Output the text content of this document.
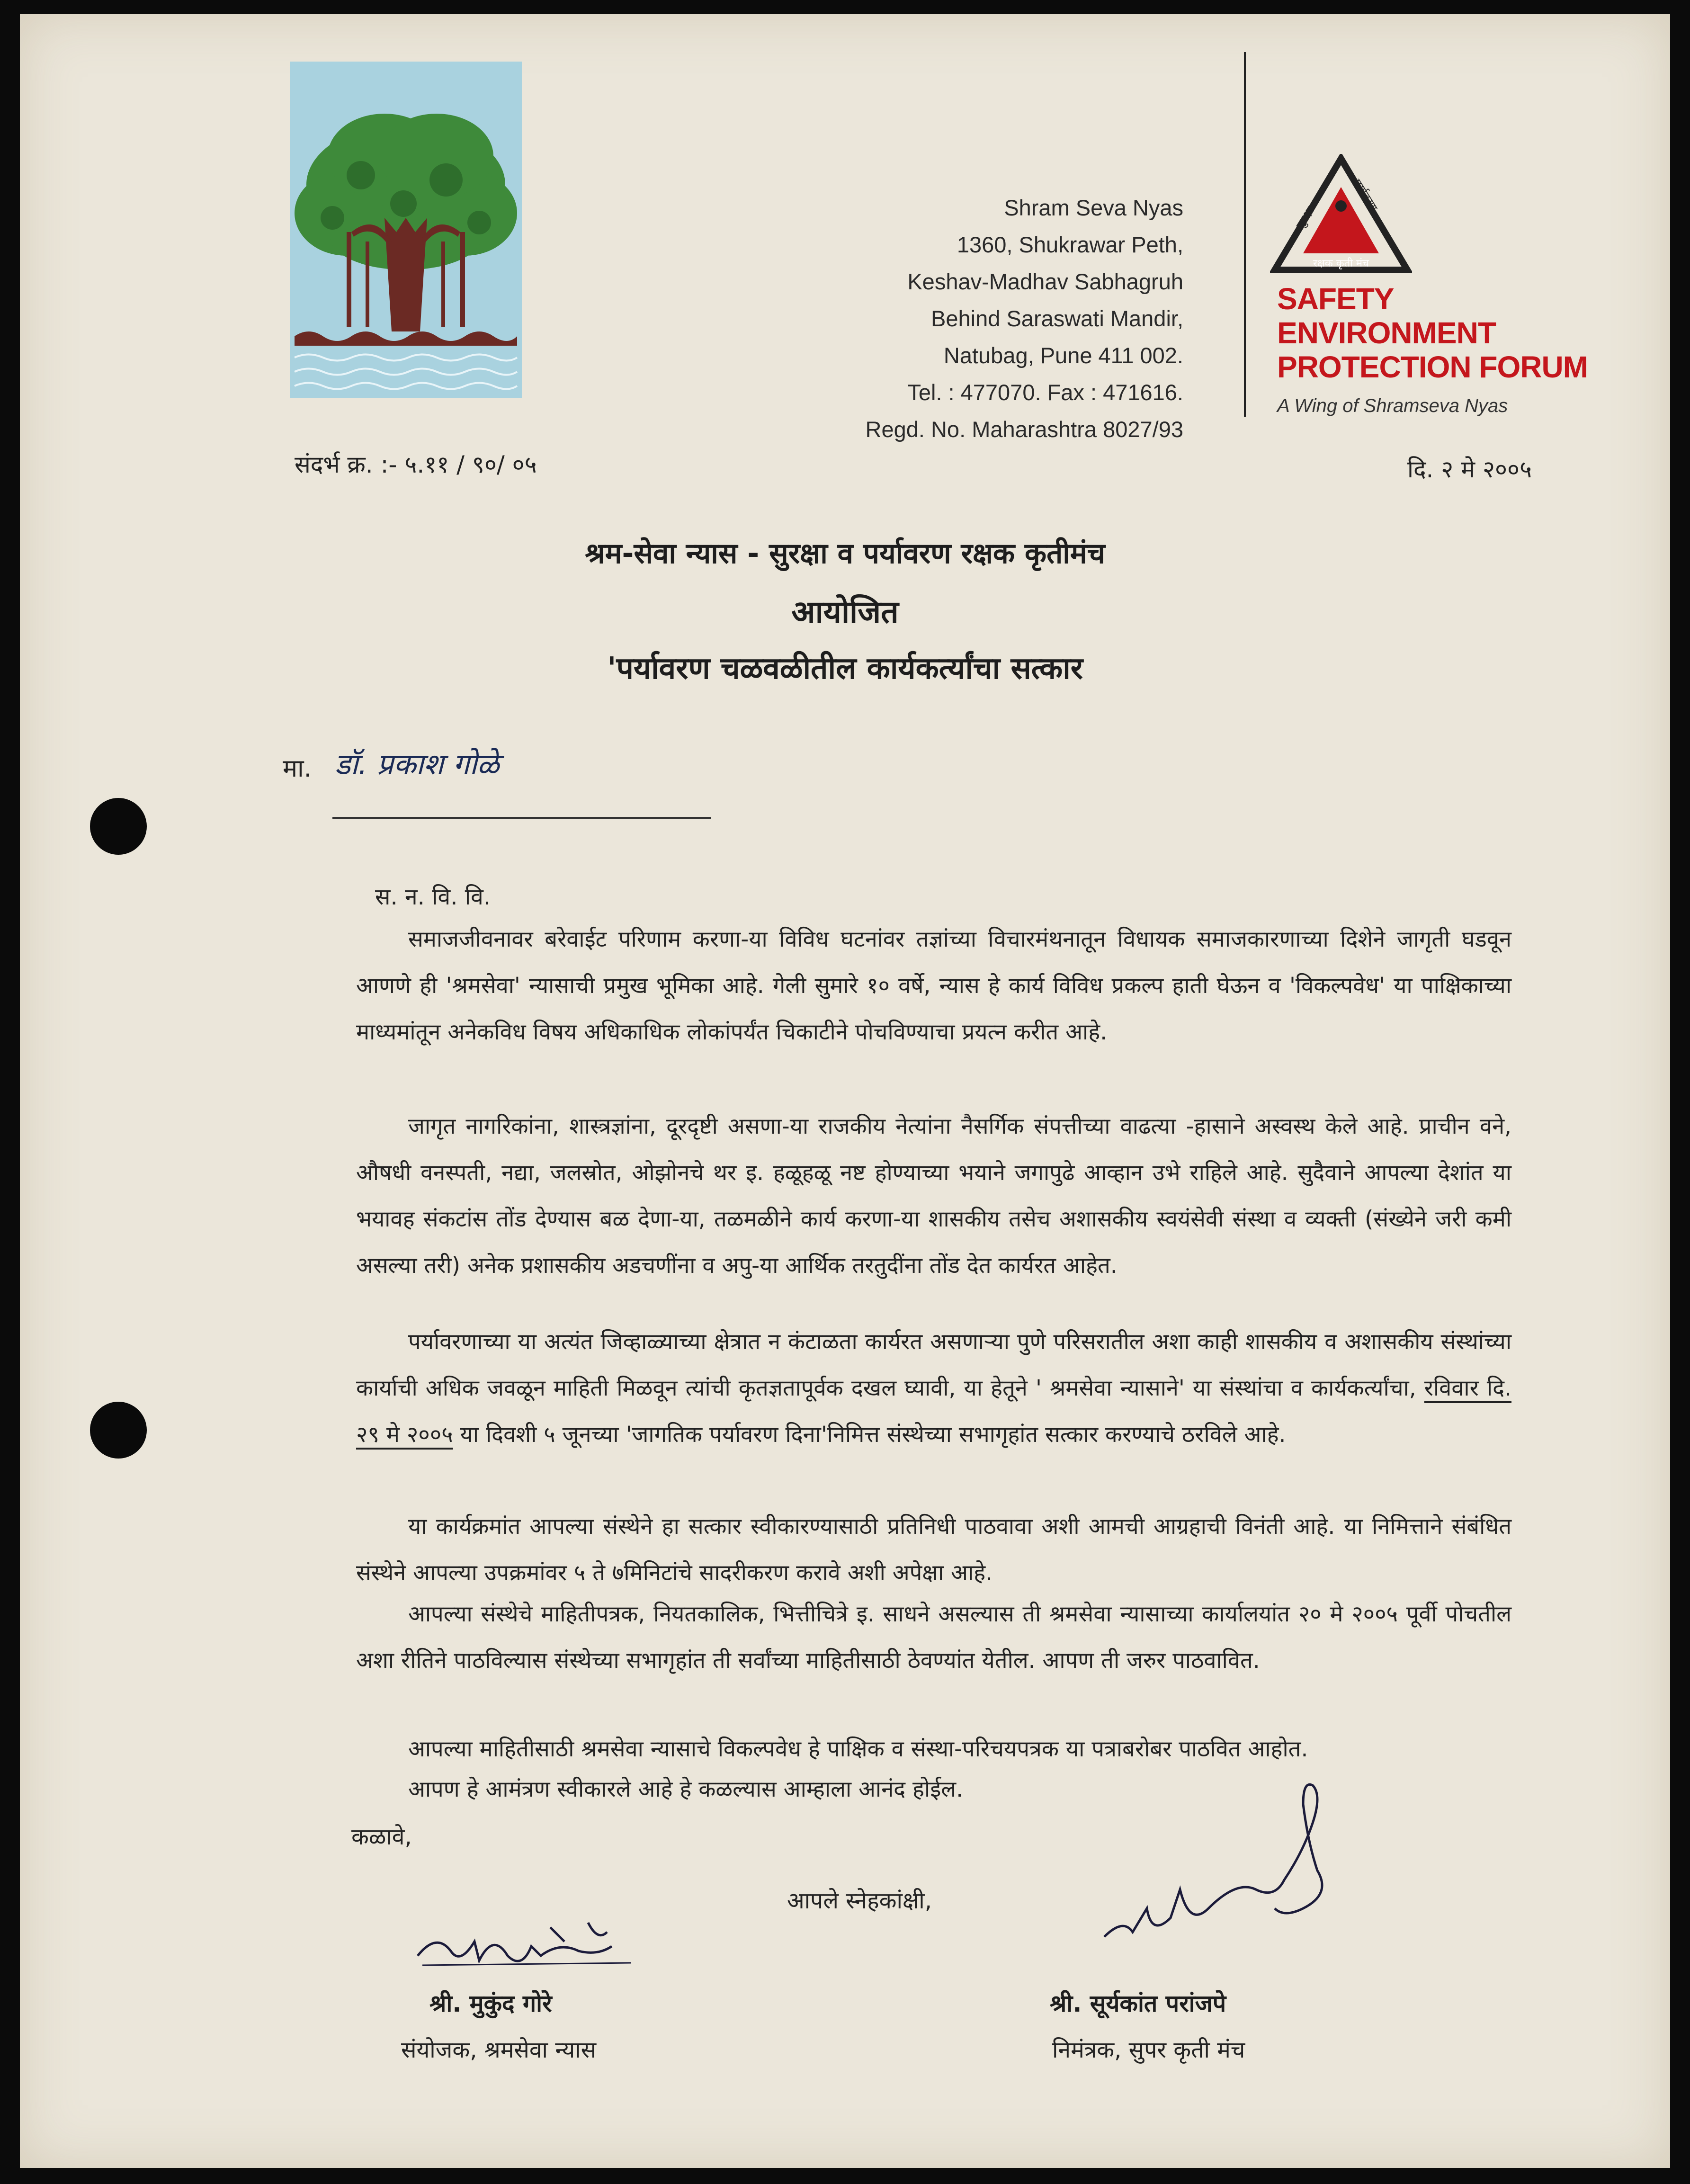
Shram Seva Nyas
1360, Shukrawar Peth,
Keshav-Madhav Sabhagruh
Behind Saraswati Mandir,
Natubag, Pune 411 002.
Tel. : 477070. Fax : 471616.
Regd. No. Maharashtra 8027/93
सुरक्षा
पर्यावरण
रक्षक कृती मंच
SAFETY
ENVIRONMENT
PROTECTION FORUM
A Wing of Shramseva Nyas
संदर्भ क्र. :- ५.११ / ९०/ ०५	दि. २ मे २००५
श्रम-सेवा न्यास - सुरक्षा व पर्यावरण रक्षक कृतीमंच
आयोजित
'पर्यावरण चळवळीतील कार्यकर्त्यांचा सत्कार
मा. डॉ. प्रकाश गोळे
स. न. वि. वि.
समाजजीवनावर बरेवाईट परिणाम करणा-या विविध घटनांवर तज्ञांच्या विचारमंथनातून विधायक समाजकारणाच्या दिशेने जागृती घडवून आणणे ही 'श्रमसेवा' न्यासाची प्रमुख भूमिका आहे. गेली सुमारे १० वर्षे, न्यास हे कार्य विविध प्रकल्प हाती घेऊन व 'विकल्पवेध' या पाक्षिकाच्या माध्यमांतून अनेकविध विषय अधिकाधिक लोकांपर्यंत चिकाटीने पोचविण्याचा प्रयत्न करीत आहे.
जागृत नागरिकांना, शास्त्रज्ञांना, दूरदृष्टी असणा-या राजकीय नेत्यांना नैसर्गिक संपत्तीच्या वाढत्या -हासाने अस्वस्थ केले आहे. प्राचीन वने, औषधी वनस्पती, नद्या, जलस्रोत, ओझोनचे थर इ. हळूहळू नष्ट होण्याच्या भयाने जगापुढे आव्हान उभे राहिले आहे. सुदैवाने आपल्या देशांत या भयावह संकटांस तोंड देण्यास बळ देणा-या, तळमळीने कार्य करणा-या शासकीय तसेच अशासकीय स्वयंसेवी संस्था व व्यक्ती (संख्येने जरी कमी असल्या तरी) अनेक प्रशासकीय अडचणींना व अपु-या आर्थिक तरतुदींना तोंड देत कार्यरत आहेत.
पर्यावरणाच्या या अत्यंत जिव्हाळ्याच्या क्षेत्रात न कंटाळता कार्यरत असणाऱ्या पुणे परिसरातील अशा काही शासकीय व अशासकीय संस्थांच्या कार्याची अधिक जवळून माहिती मिळवून त्यांची कृतज्ञतापूर्वक दखल घ्यावी, या हेतूने ' श्रमसेवा न्यासाने' या संस्थांचा व कार्यकर्त्यांचा, रविवार दि. २९ मे २००५ या दिवशी ५ जूनच्या 'जागतिक पर्यावरण दिना'निमित्त संस्थेच्या सभागृहांत सत्कार करण्याचे ठरविले आहे.
या कार्यक्रमांत आपल्या संस्थेने हा सत्कार स्वीकारण्यासाठी प्रतिनिधी पाठवावा अशी आमची आग्रहाची विनंती आहे. या निमित्ताने संबंधित संस्थेने आपल्या उपक्रमांवर ५ ते ७मिनिटांचे सादरीकरण करावे अशी अपेक्षा आहे.
आपल्या संस्थेचे माहितीपत्रक, नियतकालिक, भित्तीचित्रे इ. साधने असल्यास ती श्रमसेवा न्यासाच्या कार्यालयांत २० मे २००५ पूर्वी पोचतील अशा रीतिने पाठविल्यास संस्थेच्या सभागृहांत ती सर्वांच्या माहितीसाठी ठेवण्यांत येतील. आपण ती जरुर पाठवावित.
आपल्या माहितीसाठी श्रमसेवा न्यासाचे विकल्पवेध हे पाक्षिक व संस्था-परिचयपत्रक या पत्राबरोबर पाठवित आहोत.
आपण हे आमंत्रण स्वीकारले आहे हे कळल्यास आम्हाला आनंद होईल.
कळावे,
आपले स्नेहकांक्षी,
श्री. मुकुंद गोरे
संयोजक, श्रमसेवा न्यास
श्री. सूर्यकांत परांजपे
निमंत्रक, सुपर कृती मंच
